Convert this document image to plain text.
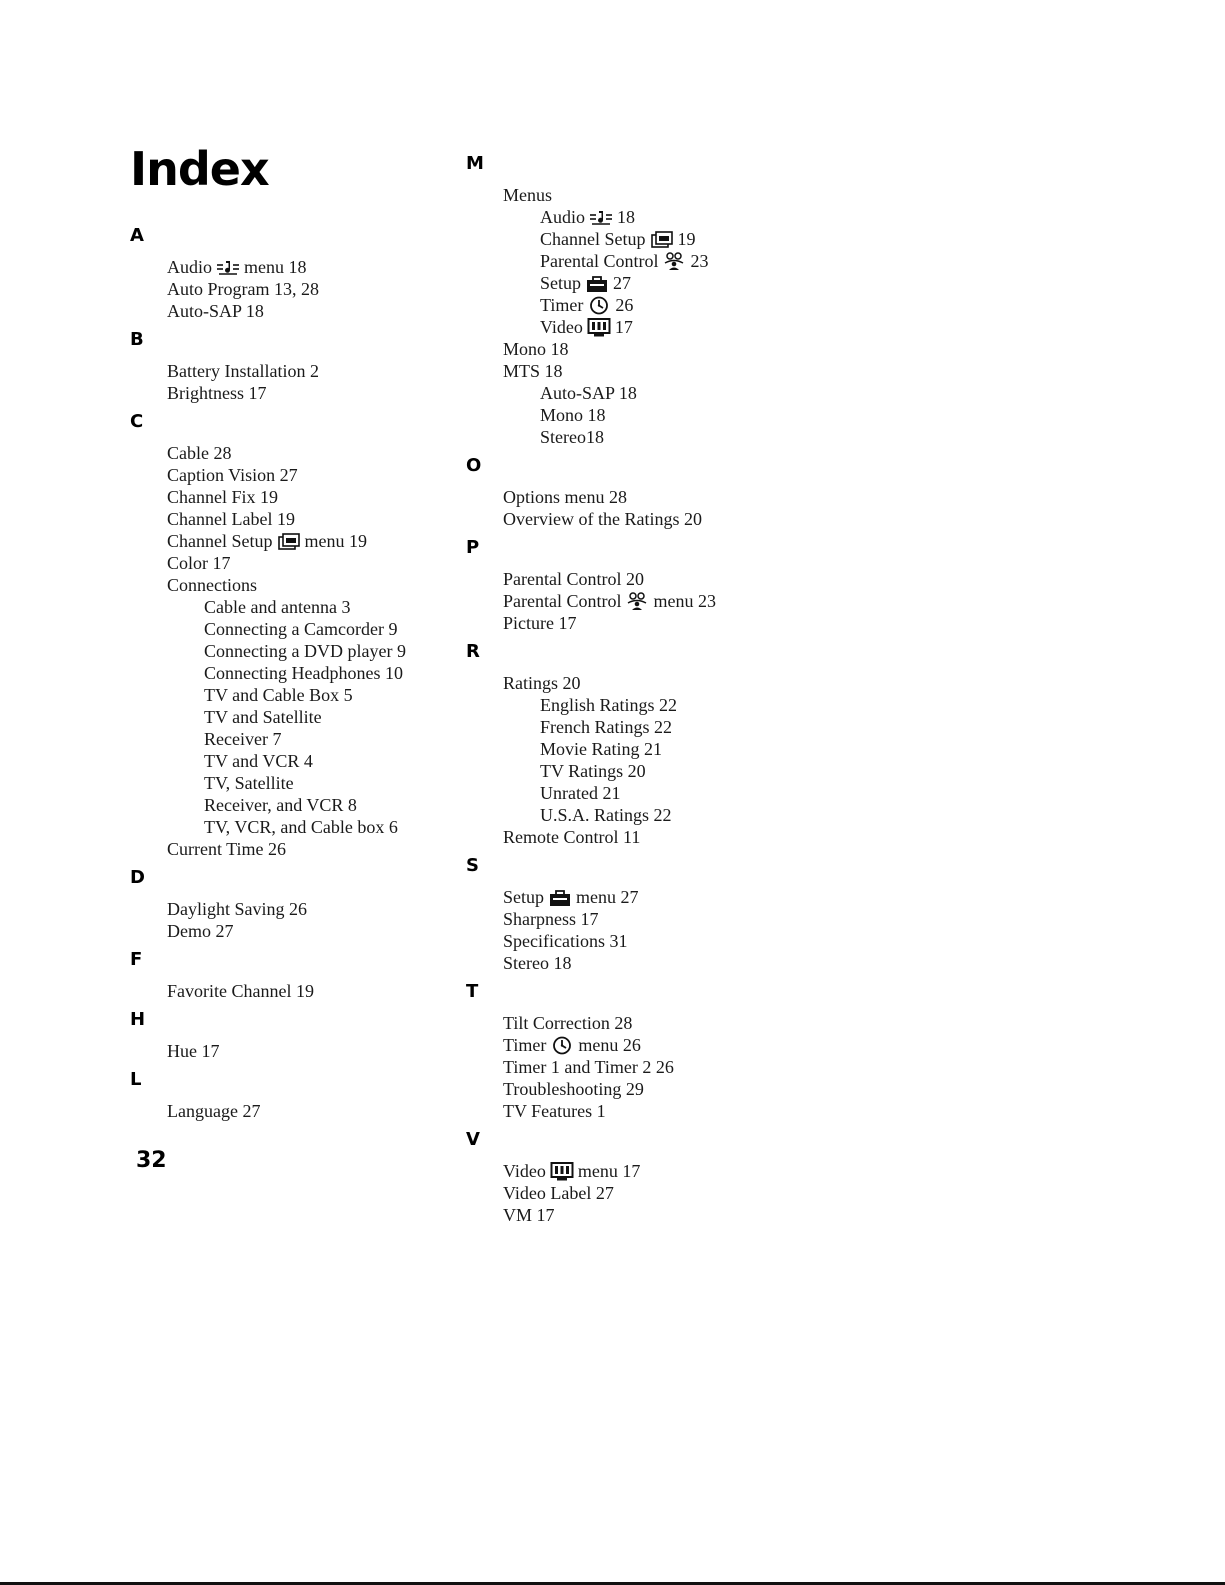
Index
A
Audio menu 18
Auto Program 13, 28
Auto-SAP 18
B
Battery Installation 2
Brightness 17
C
Cable 28
Caption Vision 27
Channel Fix 19
Channel Label 19
Channel Setup menu 19
Color 17
Connections
Cable and antenna 3
Connecting a Camcorder 9
Connecting a DVD player 9
Connecting Headphones 10
TV and Cable Box 5
TV and Satellite
Receiver 7
TV and VCR 4
TV, Satellite
Receiver, and VCR 8
TV, VCR, and Cable box 6
Current Time 26
D
Daylight Saving 26
Demo 27
F
Favorite Channel 19
H
Hue 17
L
Language 27
M
Menus
Audio 18
Channel Setup 19
Parental Control 23
Setup 27
Timer 26
Video 17
Mono 18
MTS 18
Auto-SAP 18
Mono 18
Stereo18
O
Options menu 28
Overview of the Ratings 20
P
Parental Control 20
Parental Control menu 23
Picture 17
R
Ratings 20
English Ratings 22
French Ratings 22
Movie Rating 21
TV Ratings 20
Unrated 21
U.S.A. Ratings 22
Remote Control 11
S
Setup menu 27
Sharpness 17
Specifications 31
Stereo 18
T
Tilt Correction 28
Timer menu 26
Timer 1 and Timer 2 26
Troubleshooting 29
TV Features 1
V
Video menu 17
Video Label 27
VM 17
32
